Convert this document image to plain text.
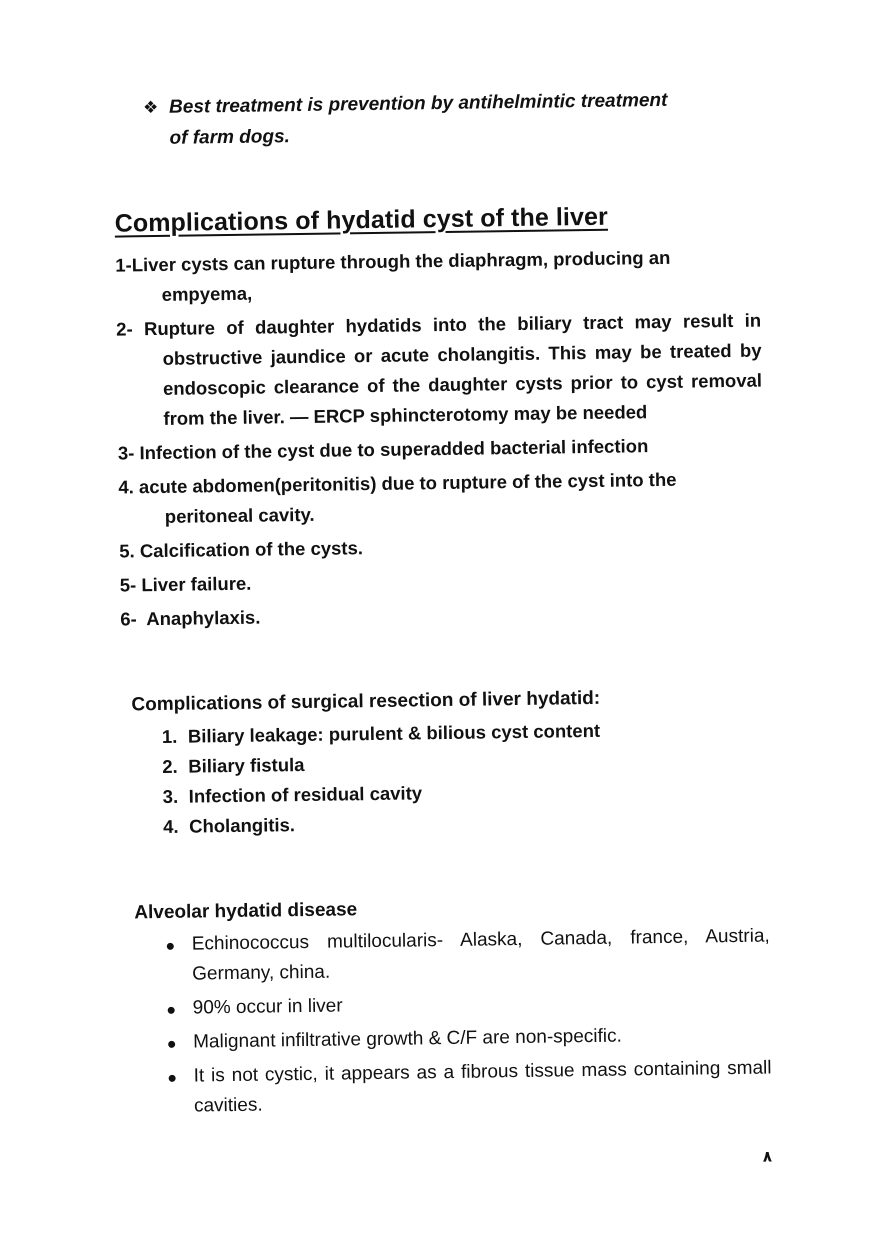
❖ Best treatment is prevention by antihelmintic treatment
of farm dogs.
Complications of hydatid cyst of the liver
1-Liver cysts can rupture through the diaphragm, producing an empyema,
2- Rupture of daughter hydatids into the biliary tract may result in obstructive jaundice or acute cholangitis. This may be treated by endoscopic clearance of the daughter cysts prior to cyst removal from the liver. — ERCP sphincterotomy may be needed
3- Infection of the cyst due to superadded bacterial infection
4. acute abdomen(peritonitis) due to rupture of the cyst into the peritoneal cavity.
5. Calcification of the cysts.
5- Liver failure.
6- Anaphylaxis.
Complications of surgical resection of liver hydatid:
1. Biliary leakage: purulent & bilious cyst content
2. Biliary fistula
3. Infection of residual cavity
4. Cholangitis.
Alveolar hydatid disease
Echinococcus multilocularis- Alaska, Canada, france, Austria, Germany, china.
90% occur in liver
Malignant infiltrative growth & C/F are non-specific.
It is not cystic, it appears as a fibrous tissue mass containing small cavities.
٨
